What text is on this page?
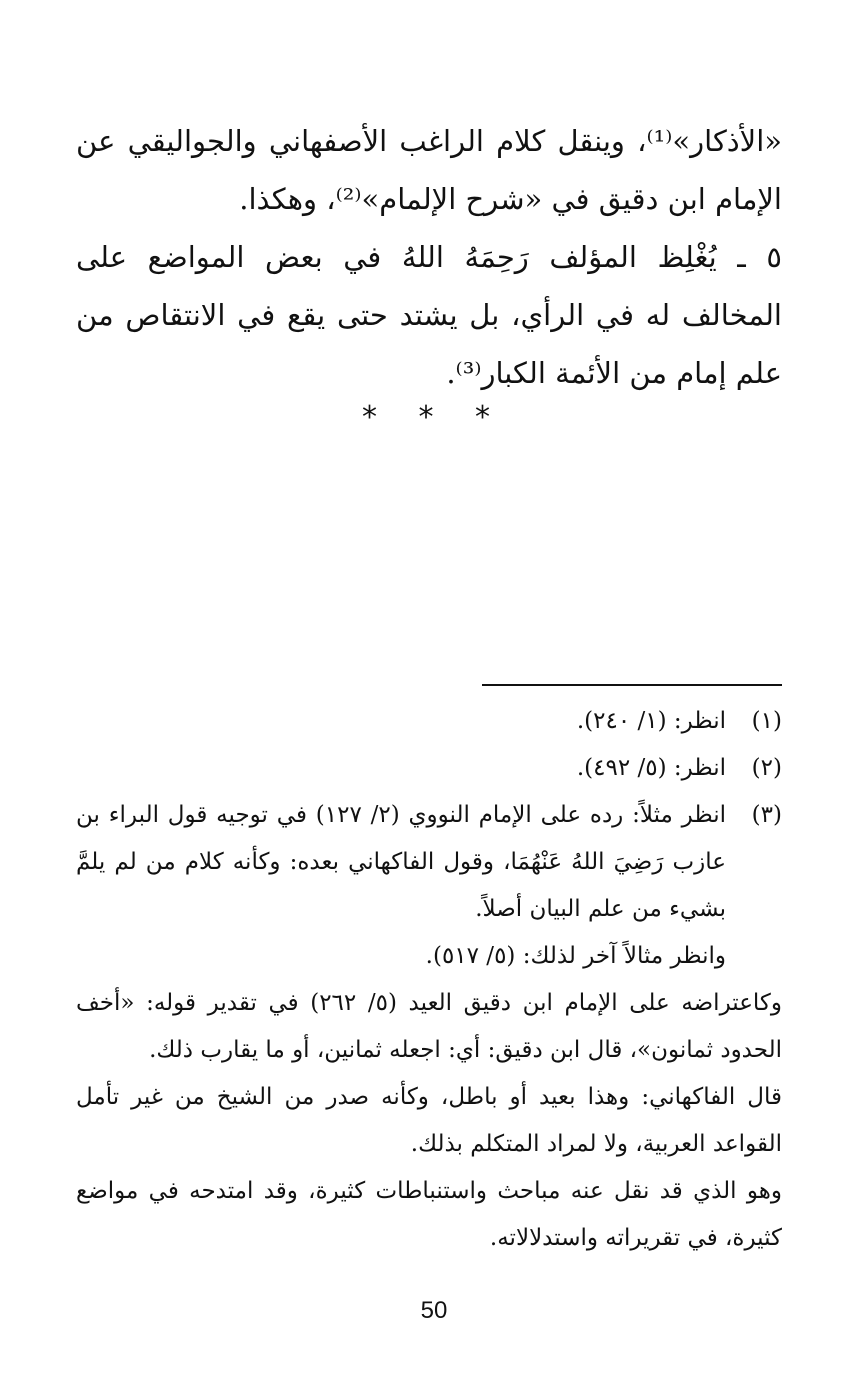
«الأذكار»⁽¹⁾، وينقل كلام الراغب الأصفهاني والجواليقي عن الإمام ابن دقيق في «شرح الإلمام»⁽²⁾، وهكذا.

٥ ـ يُغْلِظ المؤلف رَحِمَهُ اللهُ في بعض المواضع على المخالف له في الرأي، بل يشتد حتى يقع في الانتقاص من علم إمام من الأئمة الكبار⁽³⁾.

* * *
(١)
انظر: (١/ ٢٤٠).
(٢)
انظر: (٥/ ٤٩٢).
(٣)
انظر مثلاً: رده على الإمام النووي (٢/ ١٢٧) في توجيه قول البراء بن عازب رَضِيَ اللهُ عَنْهُمَا، وقول الفاكهاني بعده: وكأنه كلام من لم يلمَّ بشيء من علم البيان أصلاً.

وانظر مثالاً آخر لذلك: (٥/ ٥١٧).

وكاعتراضه على الإمام ابن دقيق العيد (٥/ ٢٦٢) في تقدير قوله: «أخف الحدود ثمانون»، قال ابن دقيق: أي: اجعله ثمانين، أو ما يقارب ذلك.

قال الفاكهاني: وهذا بعيد أو باطل، وكأنه صدر من الشيخ من غير تأمل القواعد العربية، ولا لمراد المتكلم بذلك.

وهو الذي قد نقل عنه مباحث واستنباطات كثيرة، وقد امتدحه في مواضع كثيرة، في تقريراته واستدلالاته.

50
